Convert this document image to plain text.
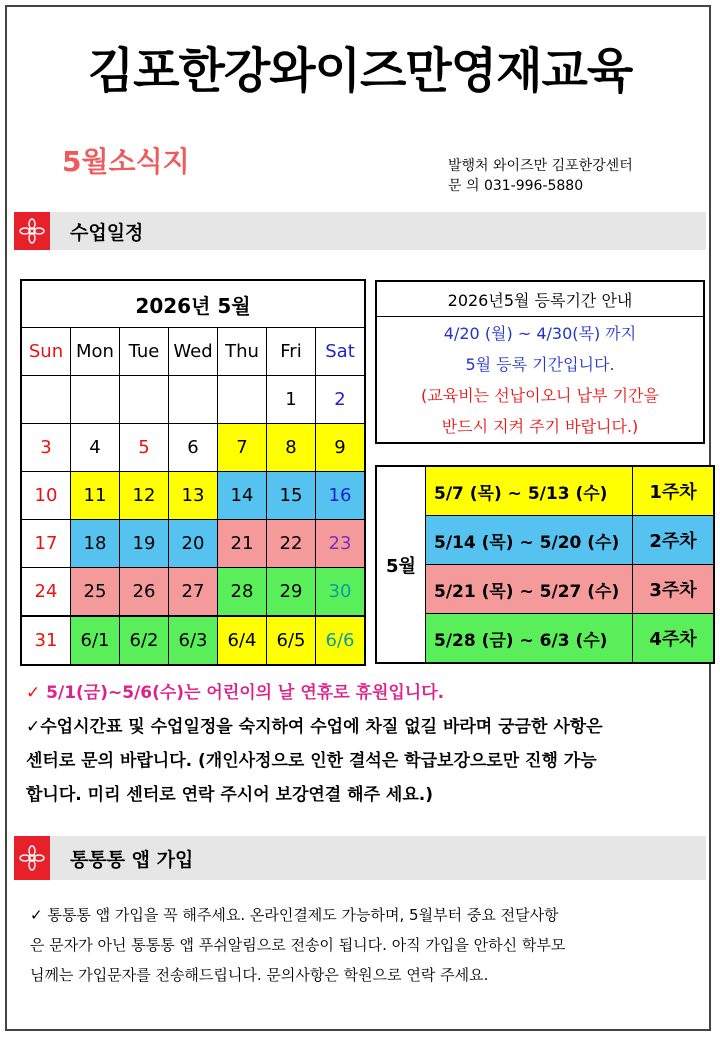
김포한강와이즈만영재교육
5월소식지	발행처 와이즈만 김포한강센터
문 의 031-996-5880
수업일정
2026년 5월						
Sun	Mon	Tue	Wed	Thu	Fri	Sat
					1	2
3	4	5	6	7	8	9
10	11	12	13	14	15	16
17	18	19	20	21	22	23
24	25	26	27	28	29	30
31	6/1	6/2	6/3	6/4	6/5	6/6
2026년5월 등록기간 안내
4/20 (월) ~ 4/30(목) 까지
5월 등록 기간입니다.
(교육비는 선납이오니 납부 기간을
반드시 지켜 주기 바랍니다.)
5월	5/7 (목) ~ 5/13 (수)	1주차
	5/14 (목) ~ 5/20 (수)	2주차
	5/21 (목) ~ 5/27 (수)	3주차
	5/28 (금) ~ 6/3 (수)	4주차
✓ 5/1(금)~5/6(수)는 어린이의 날 연휴로 휴원입니다.
✓수업시간표 및 수업일정을 숙지하여 수업에 차질 없길 바라며 궁금한 사항은
센터로 문의 바랍니다. (개인사정으로 인한 결석은 학급보강으로만 진행 가능
합니다. 미리 센터로 연락 주시어 보강연결 해주 세요.)
통통통 앱 가입
✓ 통통통 앱 가입을 꼭 해주세요. 온라인결제도 가능하며, 5월부터 중요 전달사항
은 문자가 아닌 통통통 앱 푸쉬알림으로 전송이 됩니다. 아직 가입을 안하신 학부모
님께는 가입문자를 전송해드립니다. 문의사항은 학원으로 연락 주세요.
